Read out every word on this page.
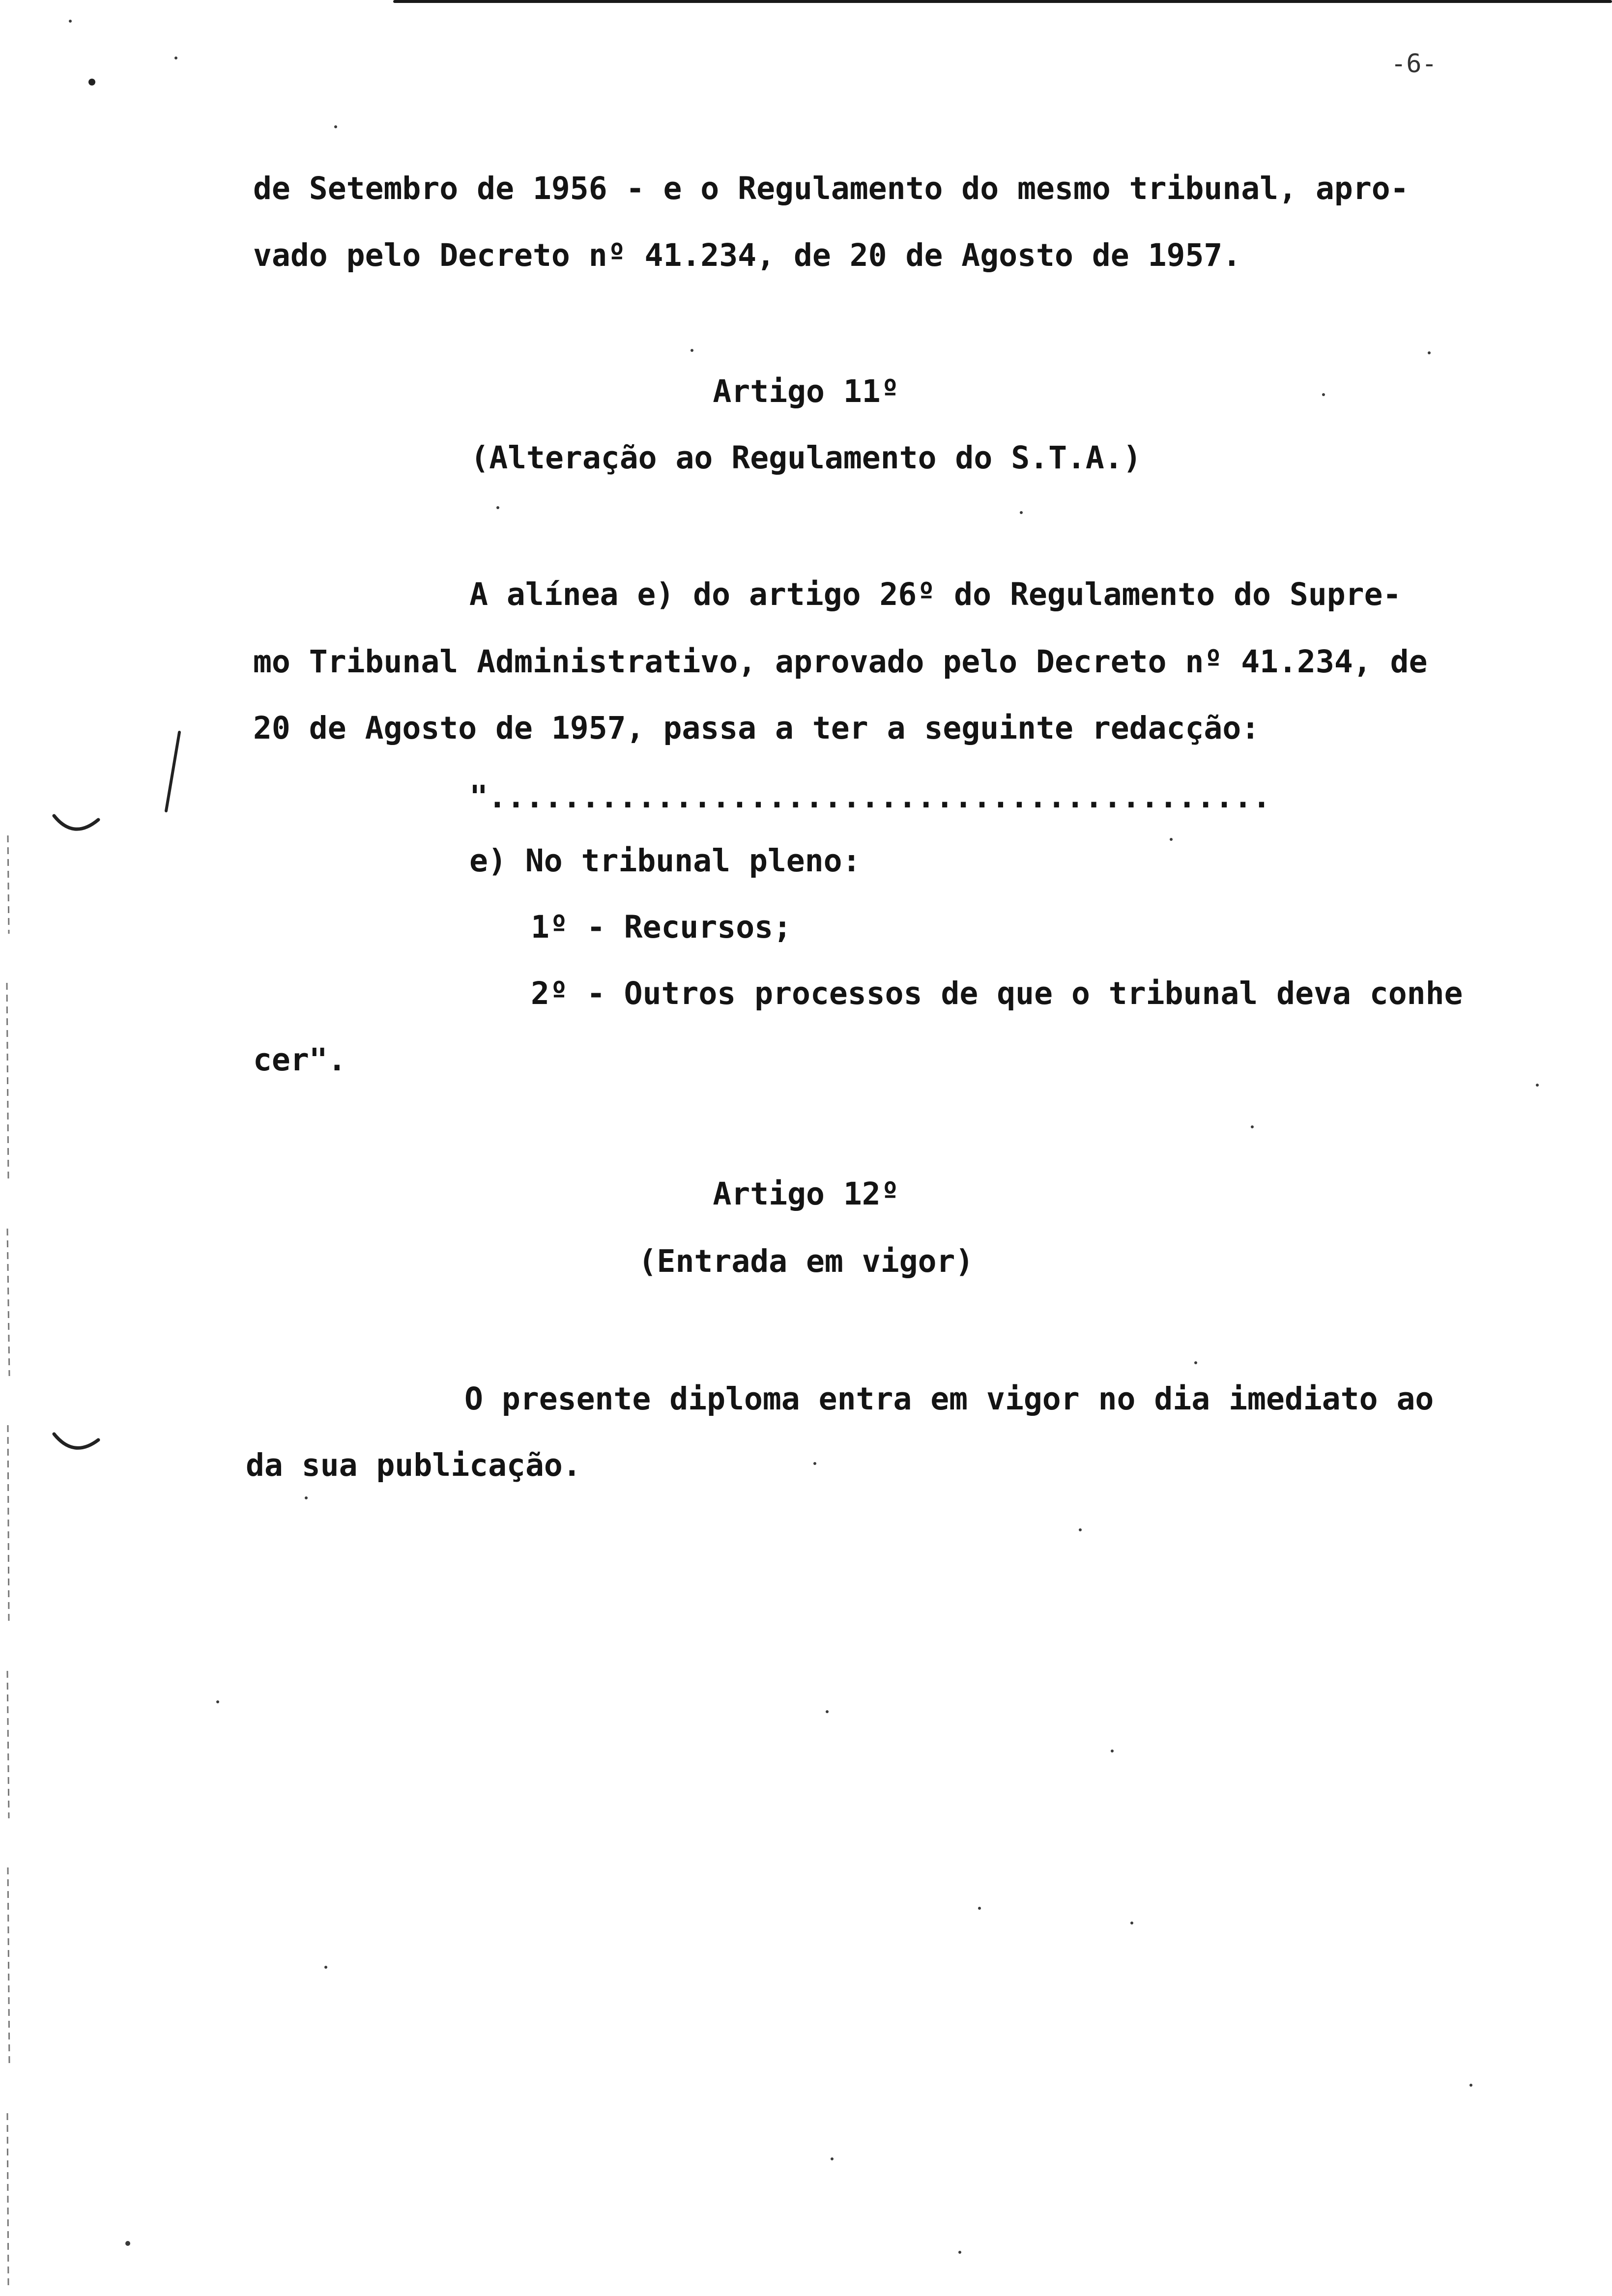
-6-
de Setembro de 1956 - e o Regulamento do mesmo tribunal, apro-
vado pelo Decreto nº 41.234, de 20 de Agosto de 1957.
Artigo 11º
(Alteração ao Regulamento do S.T.A.)
A alínea e) do artigo 26º do Regulamento do Supre-
mo Tribunal Administrativo, aprovado pelo Decreto nº 41.234, de
20 de Agosto de 1957, passa a ter a seguinte redacção:
"..........................................
e) No tribunal pleno:
1º - Recursos;
2º - Outros processos de que o tribunal deva conhe
cer".
Artigo 12º
(Entrada em vigor)
O presente diploma entra em vigor no dia imediato ao
da sua publicação.
